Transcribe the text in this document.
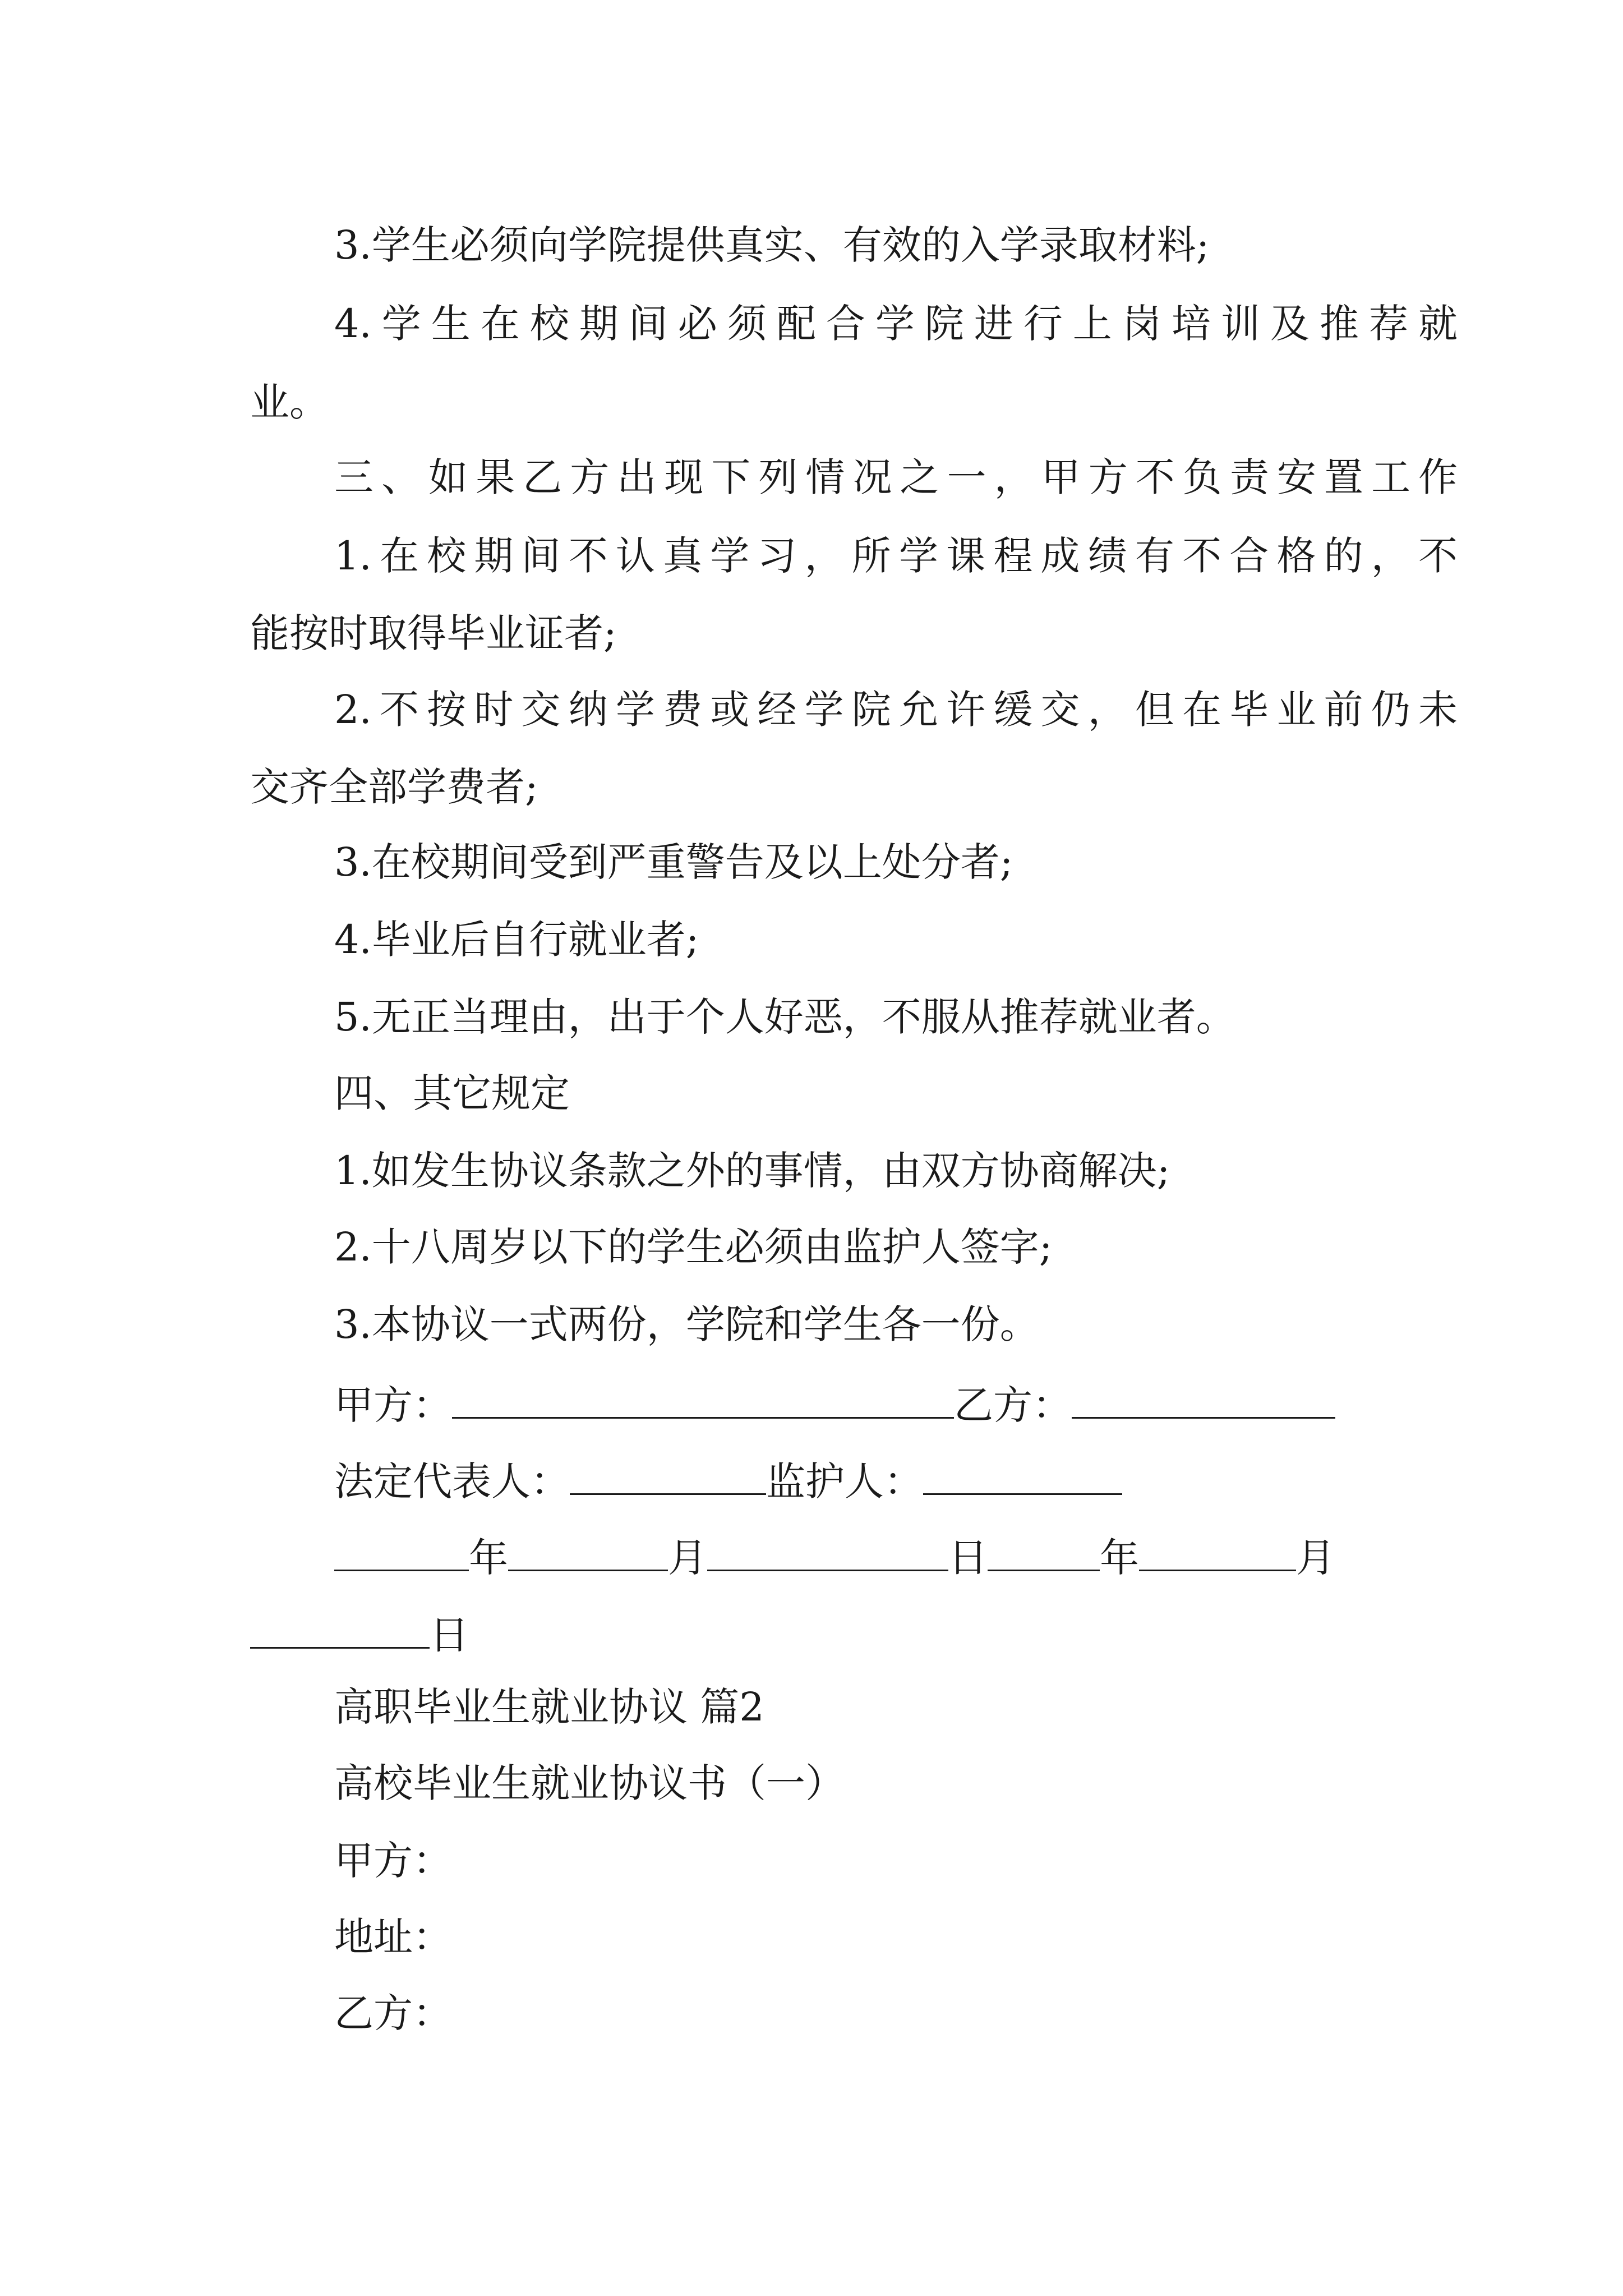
3.学生必须向学院提供真实、有效的入学录取材料;
4.学生在校期间必须配合学院进行上岗培训及推荐就
业。
三、如果乙方出现下列情况之一，甲方不负责安置工作
1.在校期间不认真学习，所学课程成绩有不合格的，不
能按时取得毕业证者;
2.不按时交纳学费或经学院允许缓交，但在毕业前仍未
交齐全部学费者;
3.在校期间受到严重警告及以上处分者;
4.毕业后自行就业者;
5.无正当理由，出于个人好恶，不服从推荐就业者。
四、其它规定
1.如发生协议条款之外的事情，由双方协商解决;
2.十八周岁以下的学生必须由监护人签字;
3.本协议一式两份，学院和学生各一份。
甲方：	乙方：
法定代表人：	监护人：
年	月	日	年	月
日
高职毕业生就业协议 篇2
高校毕业生就业协议书（一）
甲方：
地址：
乙方：
